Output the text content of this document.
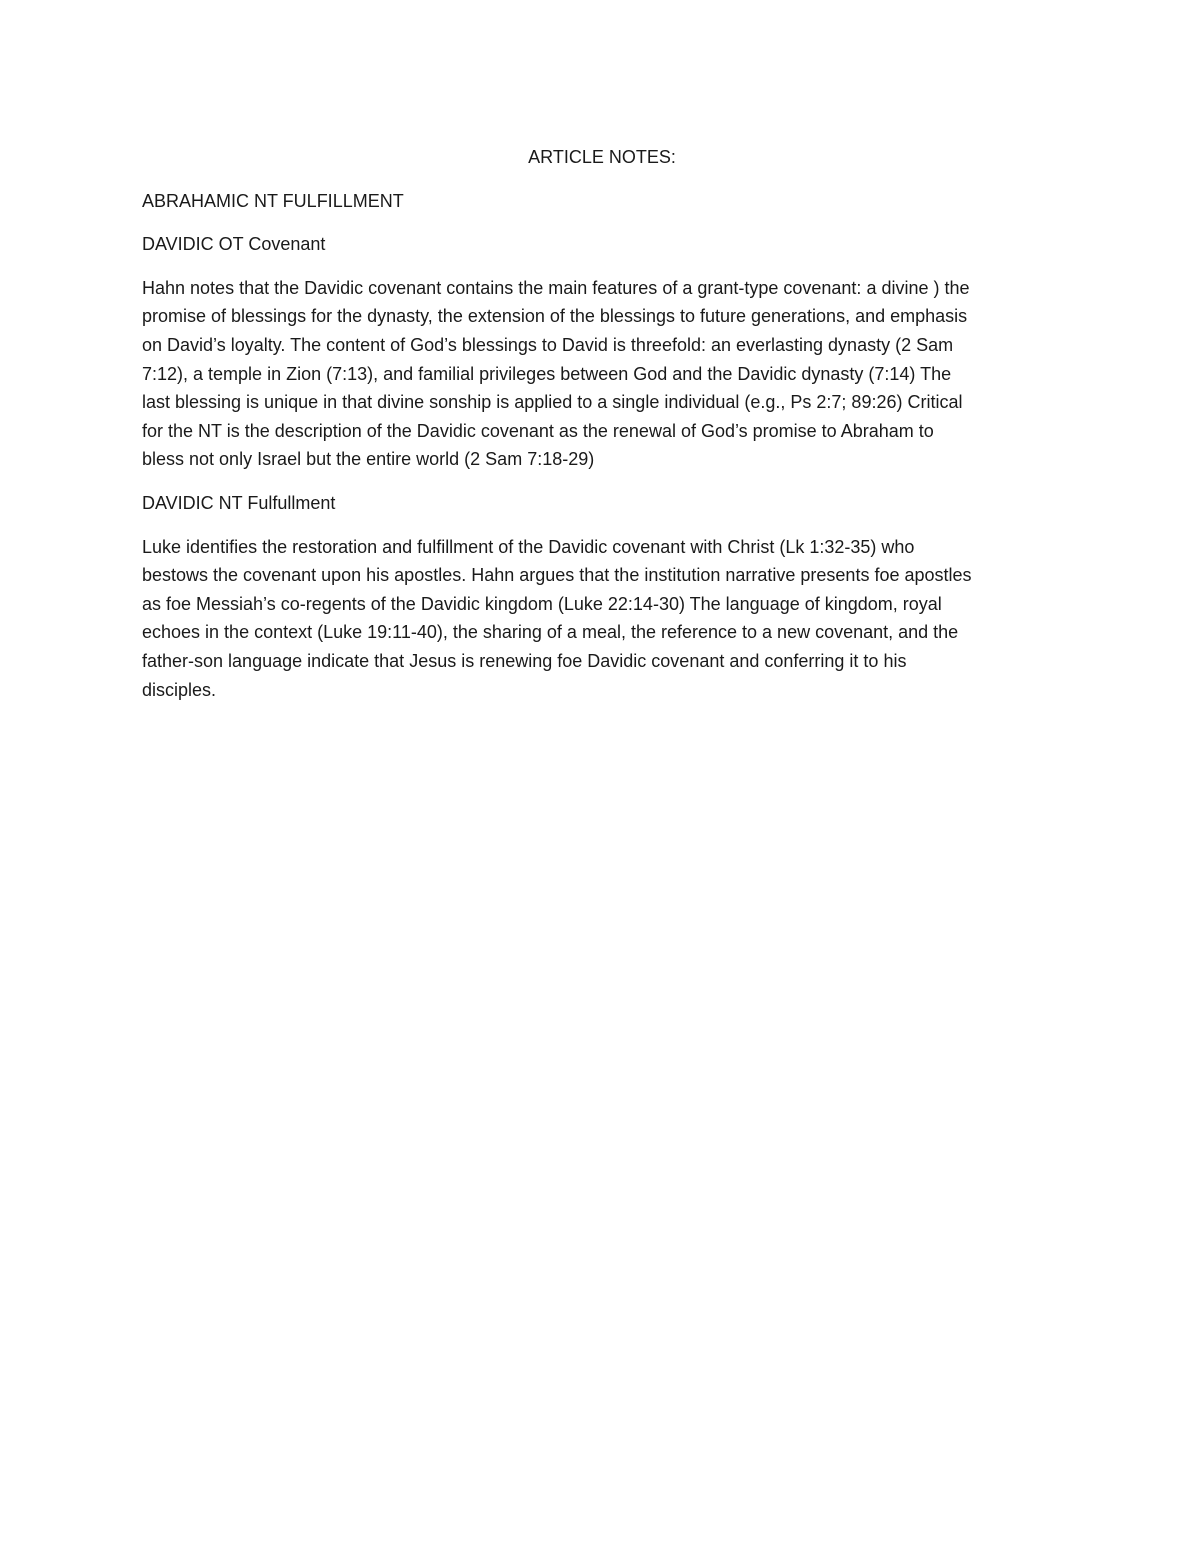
ARTICLE NOTES:
ABRAHAMIC NT FULFILLMENT
DAVIDIC OT Covenant
Hahn notes that the Davidic covenant contains the main features of a grant-type covenant: a divine ) the
promise of blessings for the dynasty, the extension of the blessings to future generations, and emphasis
on David’s loyalty. The content of God’s blessings to David is threefold: an everlasting dynasty (2 Sam
7:12), a temple in Zion (7:13), and familial privileges between God and the Davidic dynasty (7:14) The
last blessing is unique in that divine sonship is applied to a single individual (e.g., Ps 2:7; 89:26) Critical
for the NT is the description of the Davidic covenant as the renewal of God’s promise to Abraham to
bless not only Israel but the entire world (2 Sam 7:18-29)
DAVIDIC NT Fulfullment
Luke identifies the restoration and fulfillment of the Davidic covenant with Christ (Lk 1:32-35) who
bestows the covenant upon his apostles. Hahn argues that the institution narrative presents foe apostles
as foe Messiah’s co-regents of the Davidic kingdom (Luke 22:14-30) The language of kingdom, royal
echoes in the context (Luke 19:11-40), the sharing of a meal, the reference to a new covenant, and the
father-son language indicate that Jesus is renewing foe Davidic covenant and conferring it to his
disciples.
